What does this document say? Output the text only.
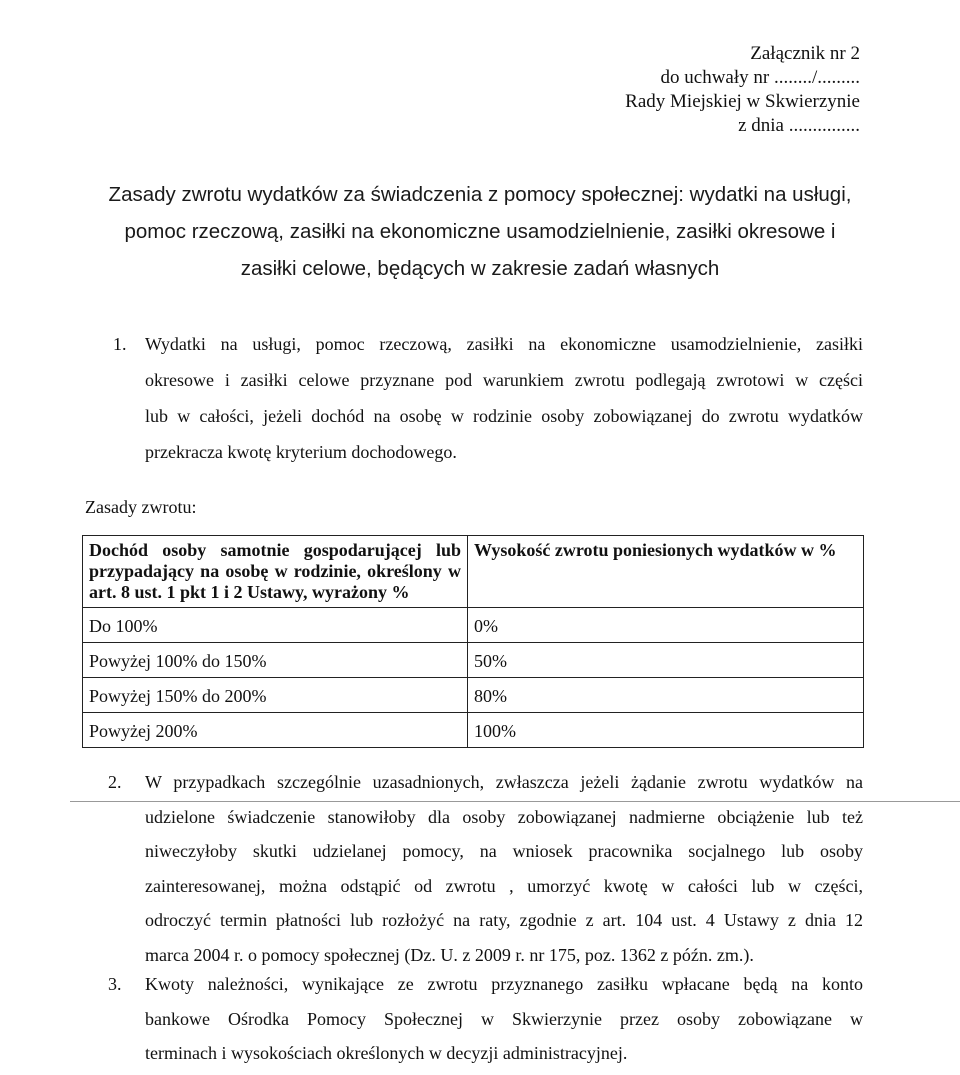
Załącznik nr 2
do uchwały nr ......../.........
Rady Miejskiej w Skwierzynie
z dnia ...............
Zasady zwrotu wydatków za świadczenia z pomocy społecznej: wydatki na usługi,
pomoc rzeczową, zasiłki na ekonomiczne usamodzielnienie, zasiłki okresowe i
zasiłki celowe, będących w zakresie zadań własnych
1. Wydatki na usługi, pomoc rzeczową, zasiłki na ekonomiczne usamodzielnienie, zasiłki
okresowe i zasiłki celowe przyznane pod warunkiem zwrotu podlegają zwrotowi w części
lub w całości, jeżeli dochód na osobę w rodzinie osoby zobowiązanej do zwrotu wydatków
przekracza kwotę kryterium dochodowego.
Zasady zwrotu:
Dochód osoby samotnie gospodarującej lub przypadający na osobę w rodzinie, określony w art. 8 ust. 1 pkt 1 i 2 Ustawy, wyrażony %	Wysokość zwrotu poniesionych wydatków w %
Do 100%	0%
Powyżej 100% do 150%	50%
Powyżej 150% do 200%	80%
Powyżej 200%	100%
2. W przypadkach szczególnie uzasadnionych, zwłaszcza jeżeli żądanie zwrotu wydatków na
udzielone świadczenie stanowiłoby dla osoby zobowiązanej nadmierne obciążenie lub też
niweczyłoby skutki udzielanej pomocy, na wniosek pracownika socjalnego lub osoby
zainteresowanej, można odstąpić od zwrotu , umorzyć kwotę w całości lub w części,
odroczyć termin płatności lub rozłożyć na raty, zgodnie z art. 104 ust. 4 Ustawy z dnia 12
marca 2004 r. o pomocy społecznej (Dz. U. z 2009 r. nr 175, poz. 1362 z późn. zm.).
3. Kwoty należności, wynikające ze zwrotu przyznanego zasiłku wpłacane będą na konto
bankowe Ośrodka Pomocy Społecznej w Skwierzynie przez osoby zobowiązane w
terminach i wysokościach określonych w decyzji administracyjnej.
